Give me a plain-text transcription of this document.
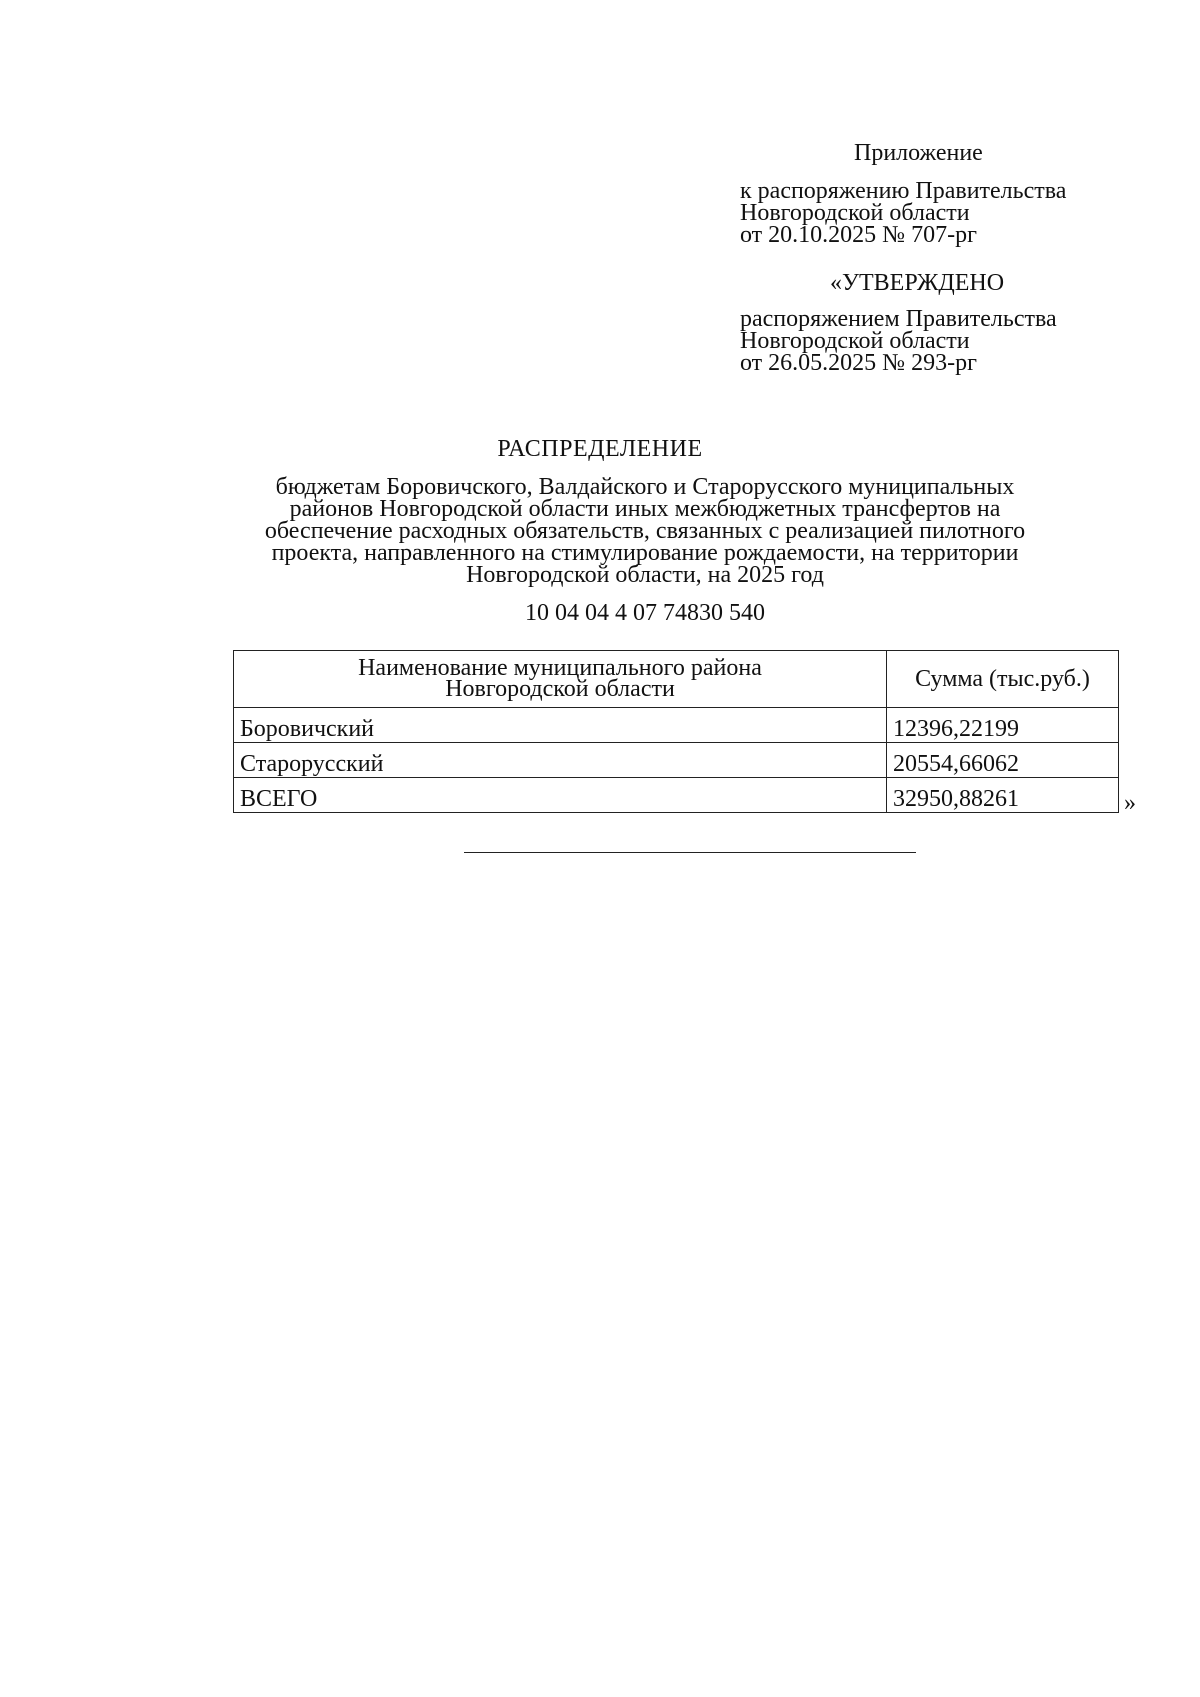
Приложение
к распоряжению Правительства
Новгородской области
от 20.10.2025 № 707-рг
«УТВЕРЖДЕНО
распоряжением Правительства
Новгородской области
от 26.05.2025 № 293-рг
РАСПРЕДЕЛЕНИЕ
бюджетам Боровичского, Валдайского и Старорусского муниципальных
районов Новгородской области иных межбюджетных трансфертов на
обеспечение расходных обязательств, связанных с реализацией пилотного
проекта, направленного на стимулирование рождаемости, на территории
Новгородской области, на 2025 год
10 04 04 4 07 74830 540
Наименование муниципального района
Новгородской области	Сумма (тыс.руб.)
Боровичский	12396,22199
Старорусский	20554,66062
ВСЕГО	32950,88261	»
